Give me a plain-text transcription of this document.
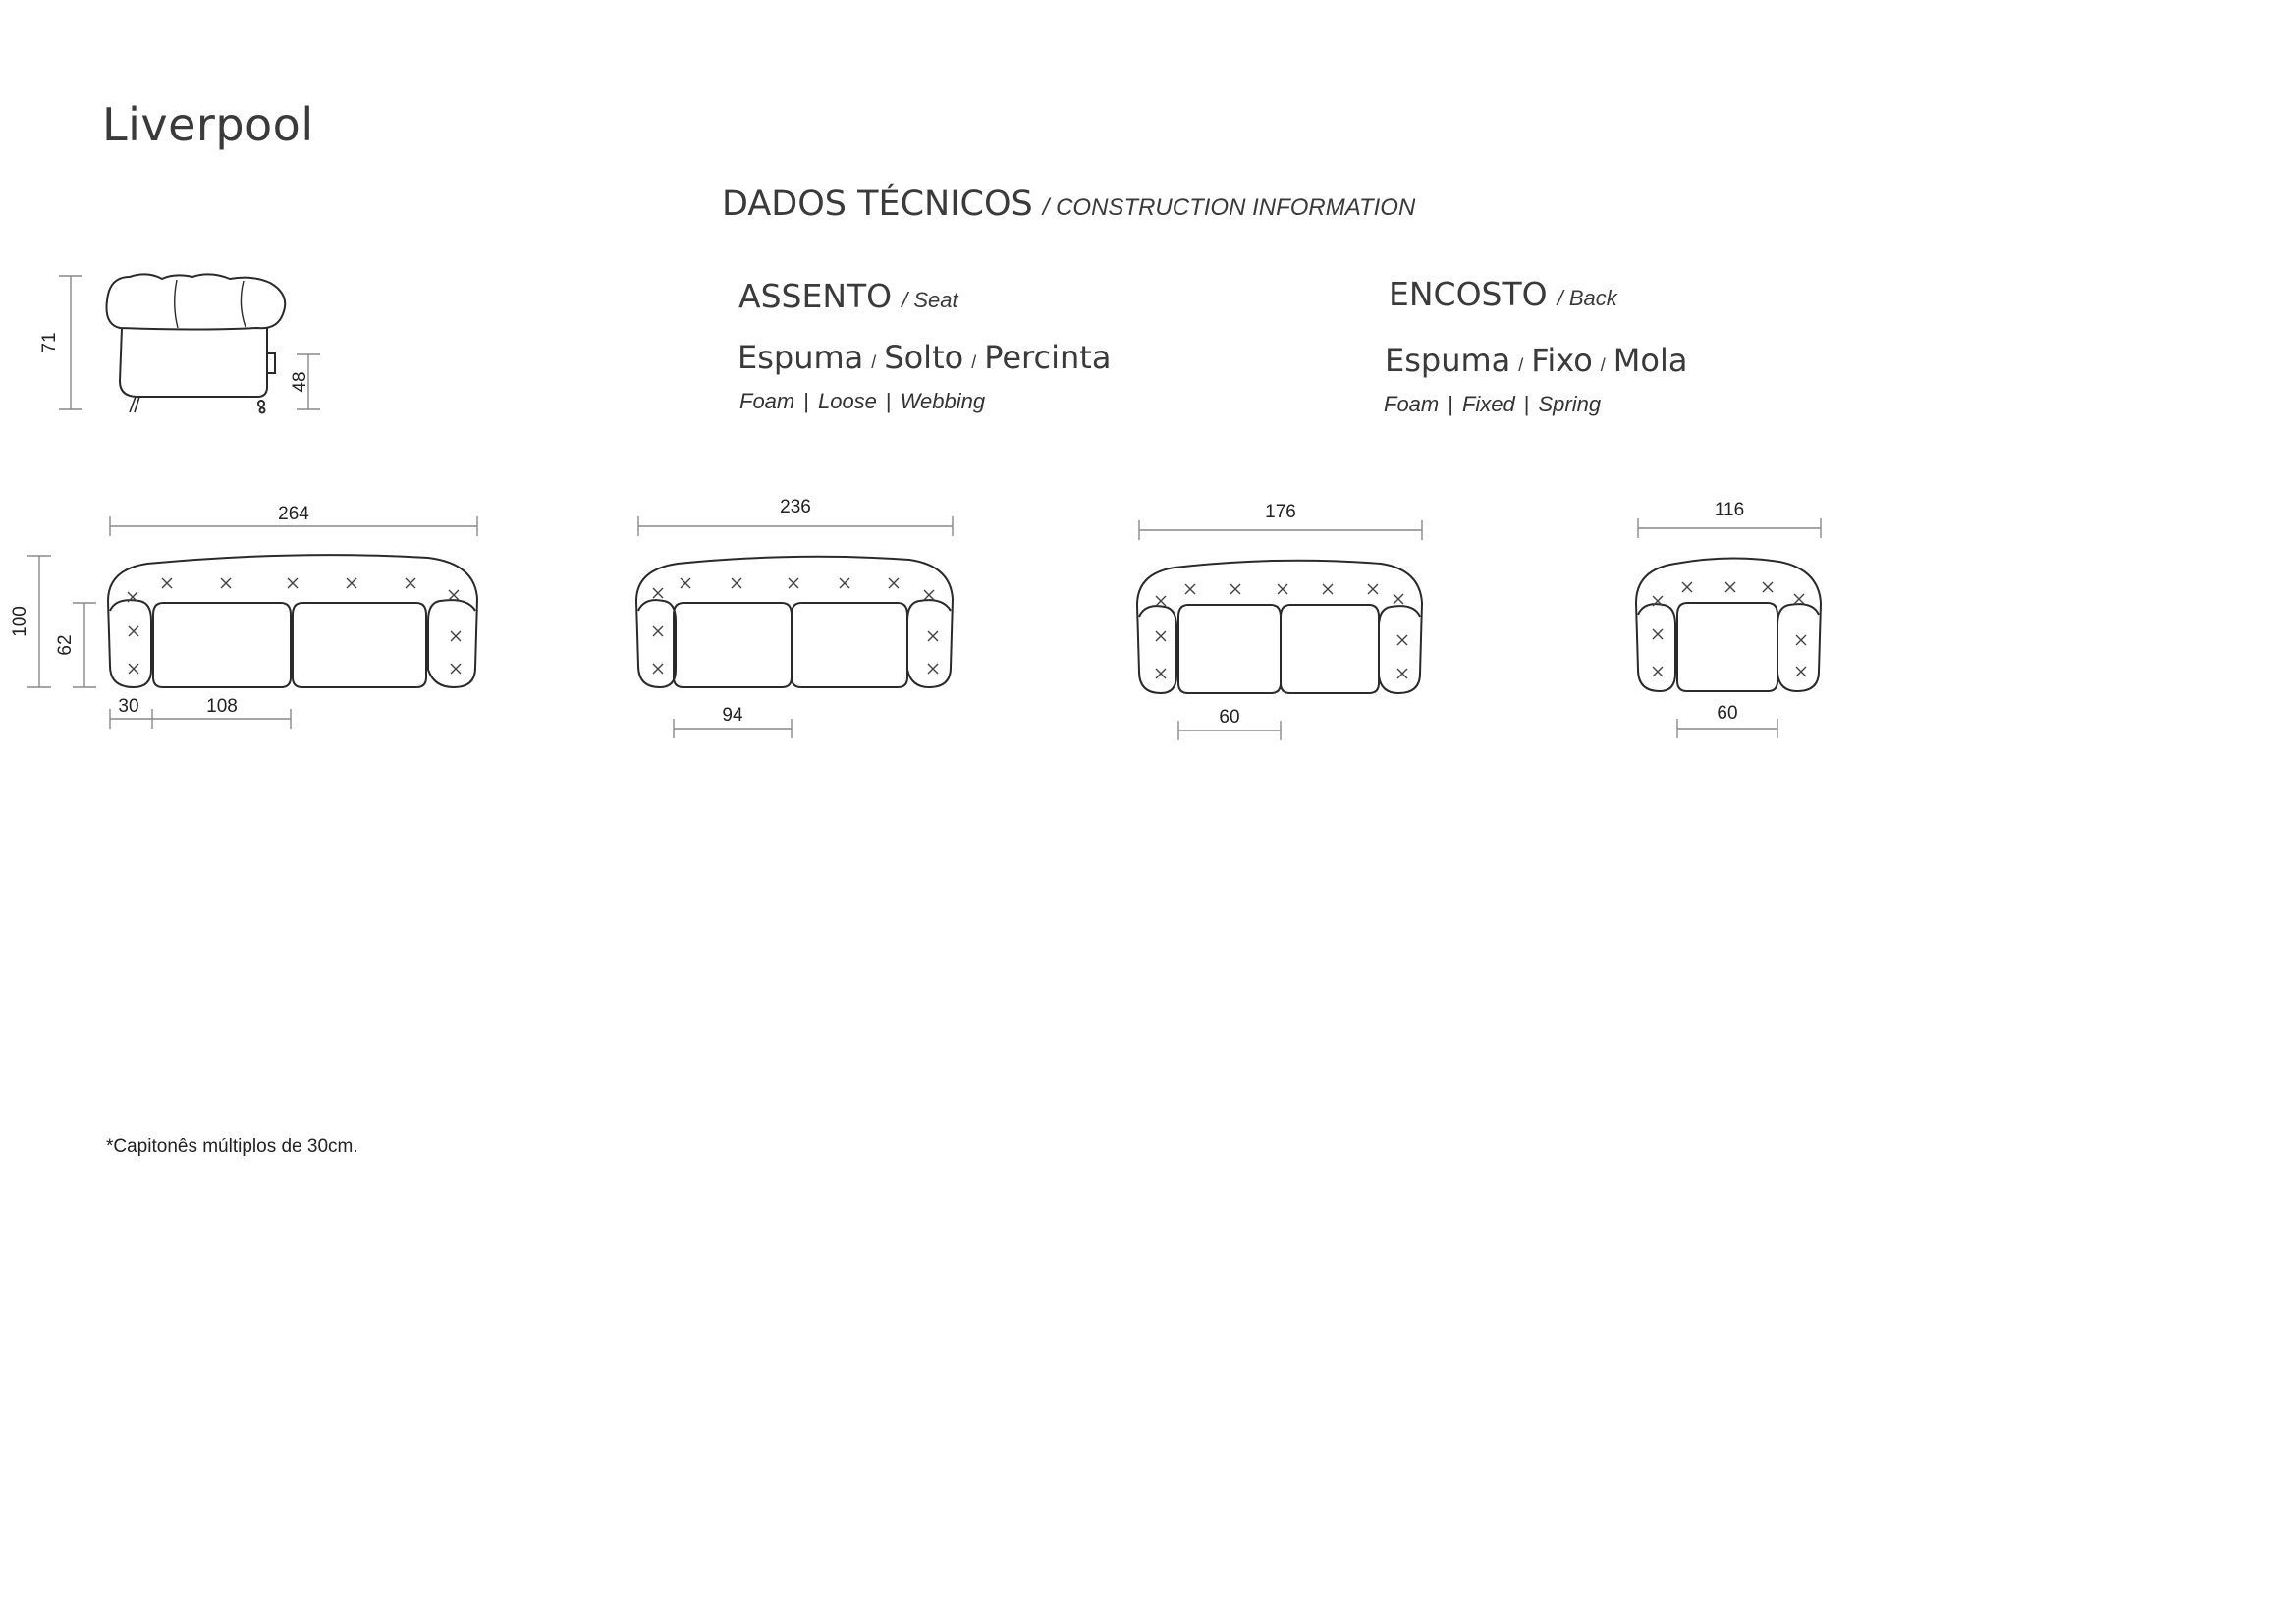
Liverpool
DADOS TÉCNICOS / CONSTRUCTION INFORMATION
ASSENTO / Seat
Espuma / Solto / Percinta
Foam | Loose | Webbing
ENCOSTO / Back
Espuma / Fixo / Mola
Foam | Fixed | Spring
*Capitonês múltiplos de 30cm.
71
48
264
100
62
30	108
236
94
176
60
116
60
